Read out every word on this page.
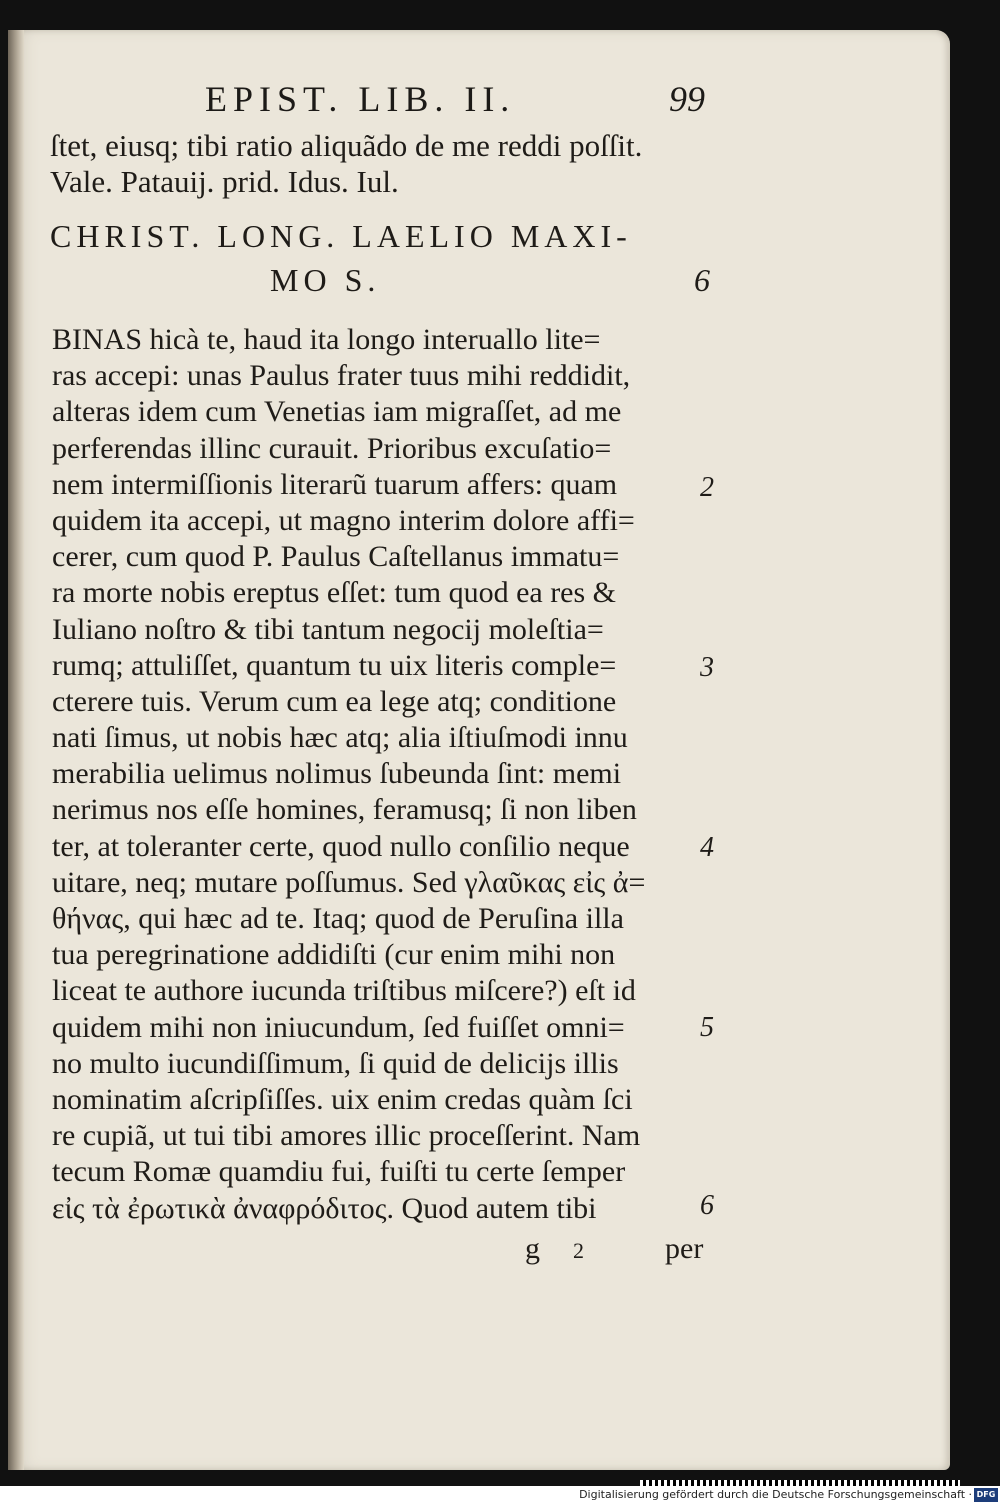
EPIST. LIB. II.	99
ſtet, eiusq; tibi ratio aliquãdo de me reddi poſſit.
Vale. Patauij. prid. Idus. Iul.
CHRIST. LONG. LAELIO MAXI-
MO S.	6
BINAS hicà te, haud ita longo interuallo lite=
ras accepi: unas Paulus frater tuus mihi reddidit,
alteras idem cum Venetias iam migraſſet, ad me
perferendas illinc curauit. Prioribus excuſatio=
nem intermiſſionis literarũ tuarum affers: quam
quidem ita accepi, ut magno interim dolore affi=
cerer, cum quod P. Paulus Caſtellanus immatu=
ra morte nobis ereptus eſſet: tum quod ea res &
Iuliano noſtro & tibi tantum negocij moleſtia=
rumq; attuliſſet, quantum tu uix literis comple=
cterere tuis. Verum cum ea lege atq; conditione
nati ſimus, ut nobis hæc atq; alia iſtiuſmodi innu
merabilia uelimus nolimus ſubeunda ſint: memi
nerimus nos eſſe homines, feramusq; ſi non liben
ter, at toleranter certe, quod nullo conſilio neque
uitare, neq; mutare poſſumus. Sed γλαῦκας εἰς ἀ=
θήνας, qui hæc ad te. Itaq; quod de Peruſina illa
tua peregrinatione addidiſti (cur enim mihi non
liceat te authore iucunda triſtibus miſcere?) eſt id
quidem mihi non iniucundum, ſed fuiſſet omni=
no multo iucundiſſimum, ſi quid de delicijs illis
nominatim aſcripſiſſes. uix enim credas quàm ſci
re cupiã, ut tui tibi amores illic proceſſerint. Nam
tecum Romæ quamdiu fui, fuiſti tu certe ſemper
εἰς τὰ ἐρωτικὰ ἀναφρόδιτος. Quod autem tibi
2
3
4
5
6
g 2	per
Digitalisierung gefördert durch die Deutsche Forschungsgemeinschaft · DFG
